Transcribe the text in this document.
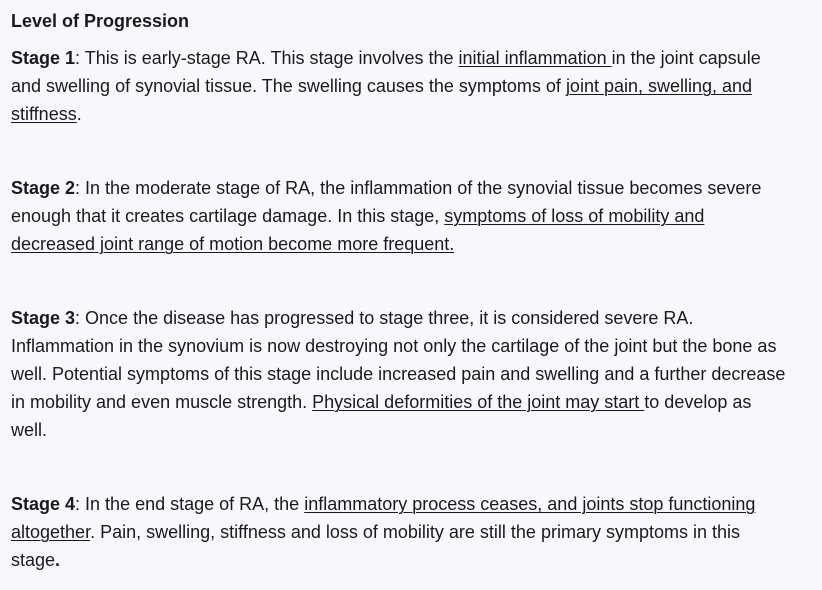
Level of Progression

Stage 1: This is early-stage RA. This stage involves the initial inflammation in the joint capsule and swelling of synovial tissue. The swelling causes the symptoms of joint pain, swelling, and stiffness.

Stage 2: In the moderate stage of RA, the inflammation of the synovial tissue becomes severe enough that it creates cartilage damage. In this stage, symptoms of loss of mobility and decreased joint range of motion become more frequent.

Stage 3: Once the disease has progressed to stage three, it is considered severe RA. Inflammation in the synovium is now destroying not only the cartilage of the joint but the bone as well. Potential symptoms of this stage include increased pain and swelling and a further decrease in mobility and even muscle strength. Physical deformities of the joint may start to develop as well.

Stage 4: In the end stage of RA, the inflammatory process ceases, and joints stop functioning altogether. Pain, swelling, stiffness and loss of mobility are still the primary symptoms in this stage.
